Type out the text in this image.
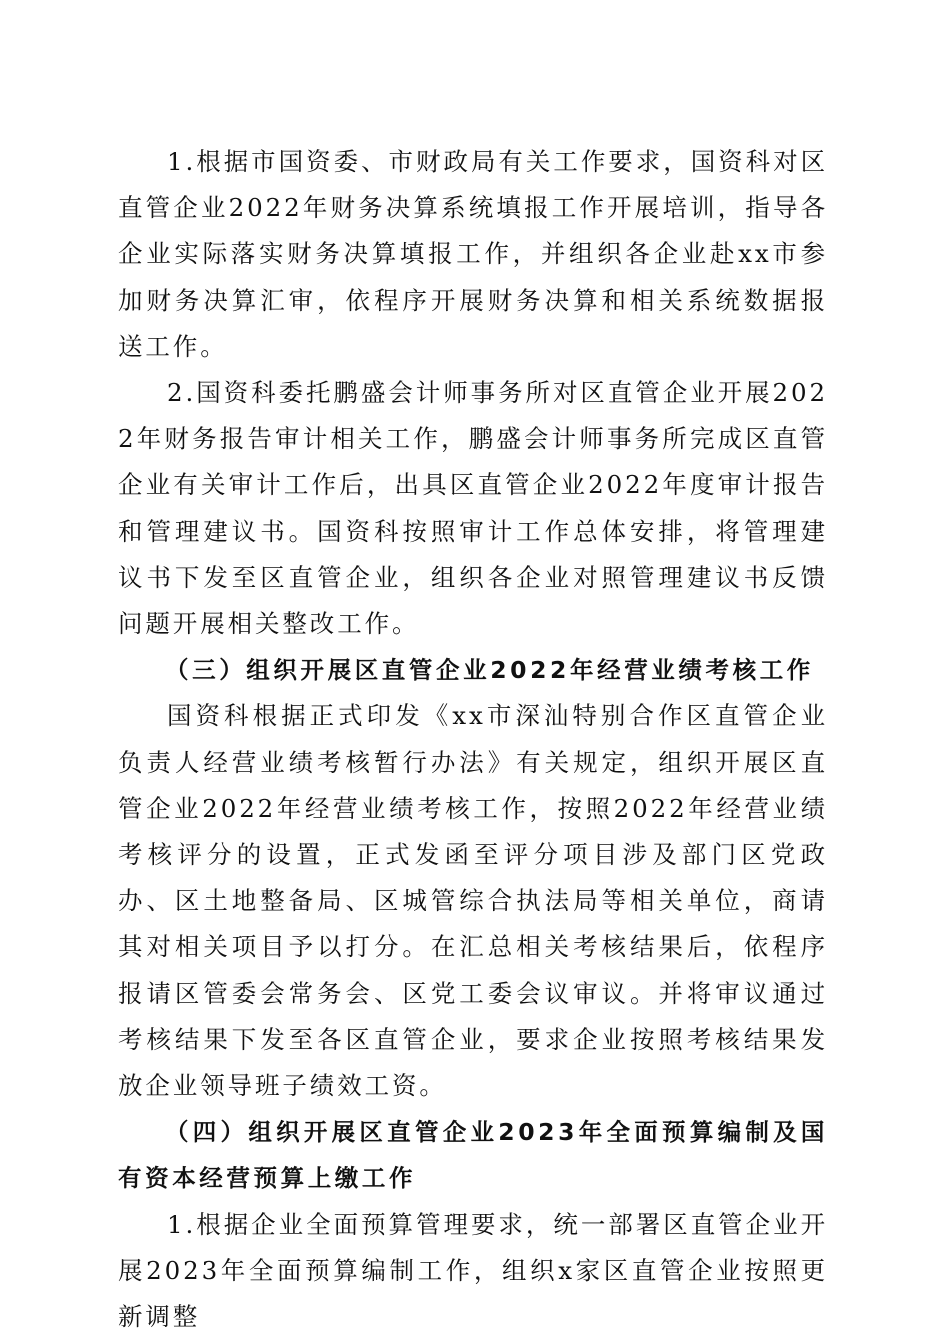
1.根据市国资委、市财政局有关工作要求，国资科对区直管企业2022年财务决算系统填报工作开展培训，指导各企业实际落实财务决算填报工作，并组织各企业赴xx市参加财务决算汇审，依程序开展财务决算和相关系统数据报送工作。

2.国资科委托鹏盛会计师事务所对区直管企业开展2022年财务报告审计相关工作，鹏盛会计师事务所完成区直管企业有关审计工作后，出具区直管企业2022年度审计报告和管理建议书。国资科按照审计工作总体安排，将管理建议书下发至区直管企业，组织各企业对照管理建议书反馈问题开展相关整改工作。

（三）组织开展区直管企业2022年经营业绩考核工作

国资科根据正式印发《xx市深汕特别合作区直管企业负责人经营业绩考核暂行办法》有关规定，组织开展区直管企业2022年经营业绩考核工作，按照2022年经营业绩考核评分的设置，正式发函至评分项目涉及部门区党政办、区土地整备局、区城管综合执法局等相关单位，商请其对相关项目予以打分。在汇总相关考核结果后，依程序报请区管委会常务会、区党工委会议审议。并将审议通过考核结果下发至各区直管企业，要求企业按照考核结果发放企业领导班子绩效工资。

（四）组织开展区直管企业2023年全面预算编制及国有资本经营预算上缴工作

1.根据企业全面预算管理要求，统一部署区直管企业开展2023年全面预算编制工作，组织x家区直管企业按照更新调整
